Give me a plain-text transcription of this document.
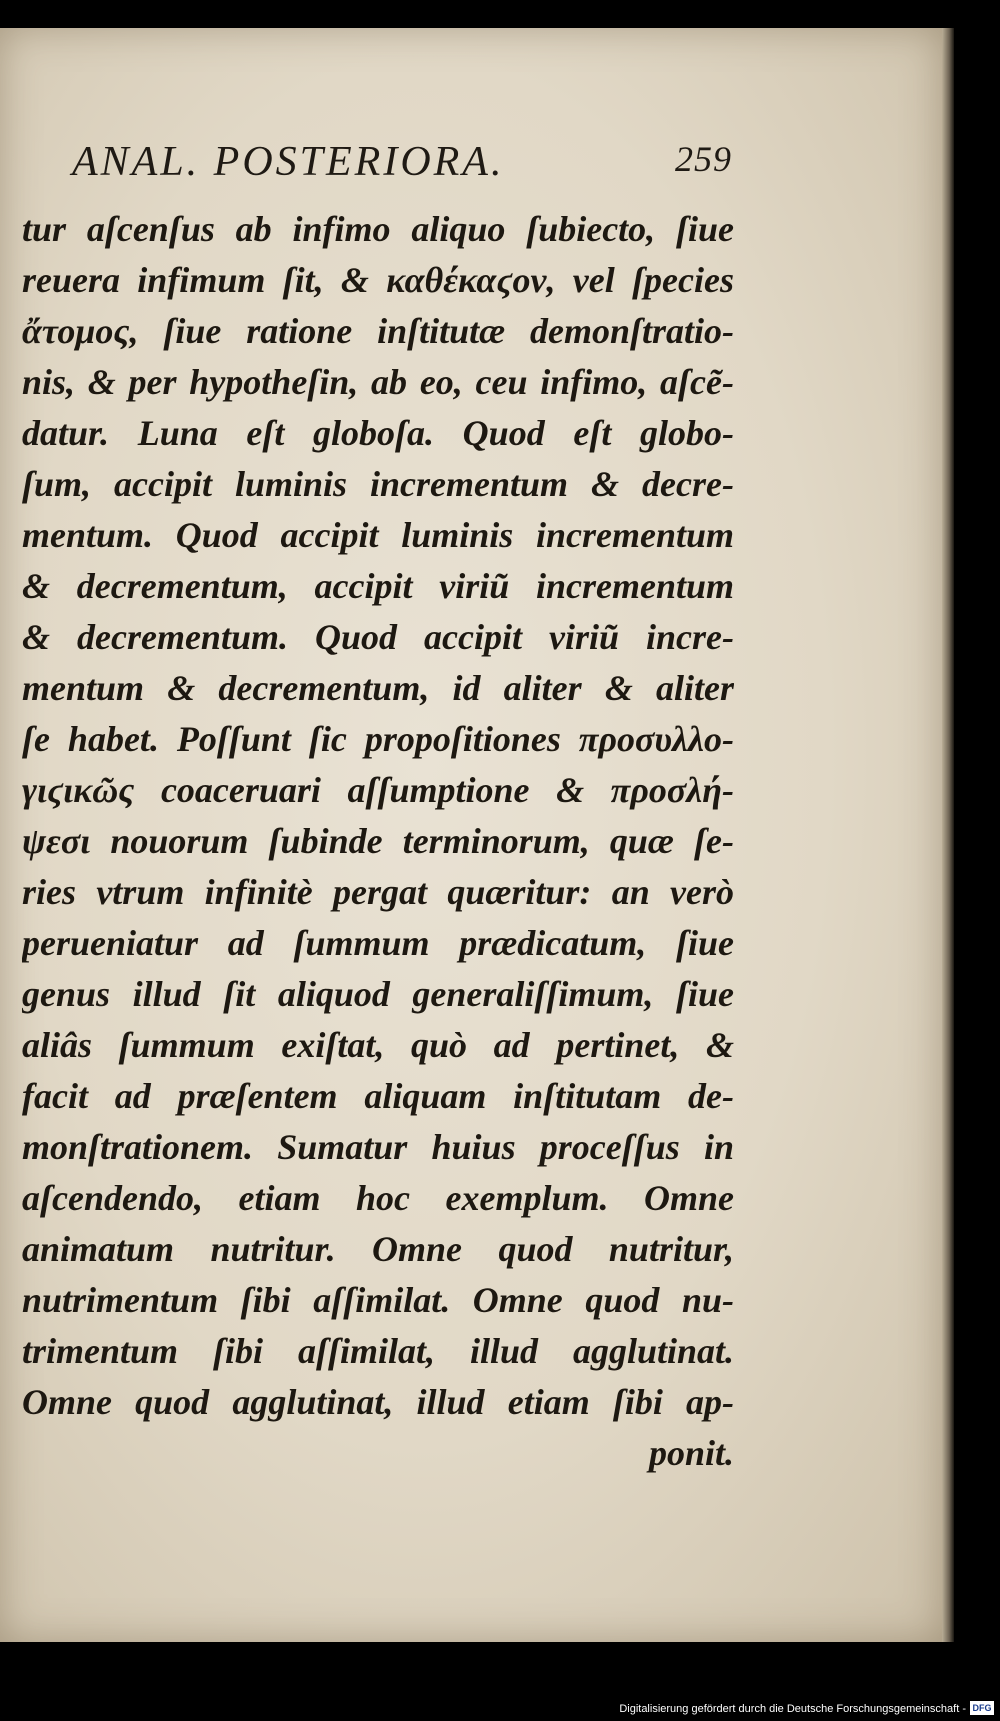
ANAL. POSTERIORA.	259
tur aſcenſus ab infimo aliquo ſubiecto, ſiue
reuera infimum ſit, & καθέκαϛον, vel ſpecies
ἄτομος, ſiue ratione inſtitutæ demonſtratio-
nis, & per hypotheſin, ab eo, ceu infimo, aſcẽ-
datur. Luna eſt globoſa. Quod eſt globo-
ſum, accipit luminis incrementum & decre-
mentum. Quod accipit luminis incrementum
& decrementum, accipit viriũ incrementum
& decrementum. Quod accipit viriũ incre-
mentum & decrementum, id aliter & aliter
ſe habet. Poſſunt ſic propoſitiones προσυλλο-
γιϛικῶς coaceruari aſſumptione & προσλή-
ψεσι nouorum ſubinde terminorum, quæ ſe-
ries vtrum infinitè pergat quæritur: an verò
perueniatur ad ſummum prædicatum, ſiue
genus illud ſit aliquod generaliſſimum, ſiue
aliâs ſummum exiſtat, quò ad pertinet, &
facit ad præſentem aliquam inſtitutam de-
monſtrationem. Sumatur huius proceſſus in
aſcendendo, etiam hoc exemplum. Omne
animatum nutritur. Omne quod nutritur,
nutrimentum ſibi aſſimilat. Omne quod nu-
trimentum ſibi aſſimilat, illud agglutinat.
Omne quod agglutinat, illud etiam ſibi ap-
ponit.
Digitalisierung gefördert durch die Deutsche Forschungsgemeinschaft - DFG
